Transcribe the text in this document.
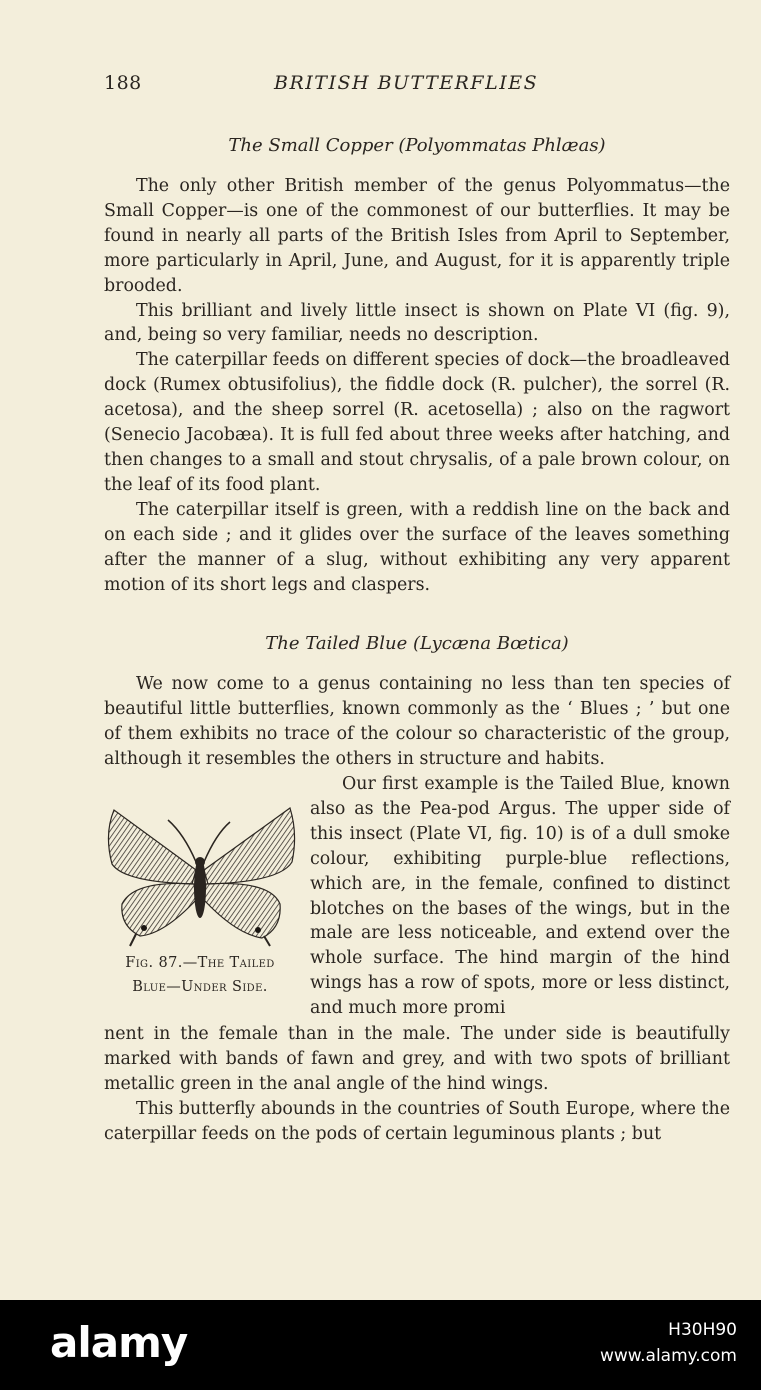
188	BRITISH BUTTERFLIES
The Small Copper (Polyommatas Phlæas)

The only other British member of the genus Polyommatus—the Small Copper—is one of the commonest of our butterflies. It may be found in nearly all parts of the British Isles from April to September, more particularly in April, June, and August, for it is apparently triple brooded.

This brilliant and lively little insect is shown on Plate VI (fig. 9), and, being so very familiar, needs no description.

The caterpillar feeds on different species of dock—the broadleaved dock (Rumex obtusifolius), the fiddle dock (R. pulcher), the sorrel (R. acetosa), and the sheep sorrel (R. acetosella) ; also on the ragwort (Senecio Jacobæa). It is full fed about three weeks after hatching, and then changes to a small and stout chrysalis, of a pale brown colour, on the leaf of its food plant.

The caterpillar itself is green, with a reddish line on the back and on each side ; and it glides over the surface of the leaves something after the manner of a slug, without exhibiting any very apparent motion of its short legs and claspers.

The Tailed Blue (Lycæna Bœtica)

We now come to a genus containing no less than ten species of beautiful little butterflies, known commonly as the ‘ Blues ; ’ but one of them exhibits no trace of the colour so characteristic of the group, although it resembles the others in structure and habits.

Our first example is the Tailed Blue, known also as the Pea-pod Argus. The upper side of this insect (Plate VI, fig. 10) is of a dull smoke colour, exhibiting purple-blue reflections, which are, in the female, confined to distinct blotches on the bases of the wings, but in the male are less noticeable, and extend over the whole surface. The hind margin of the hind wings has a row of spots, more or less distinct, and much more promi

Fig. 87.—The Tailed
Blue—Under Side.

nent in the female than in the male. The under side is beautifully marked with bands of fawn and grey, and with two spots of brilliant metallic green in the anal angle of the hind wings.

This butterfly abounds in the countries of South Europe, where the caterpillar feeds on the pods of certain leguminous plants ; but

alamy	H30H90
www.alamy.com
